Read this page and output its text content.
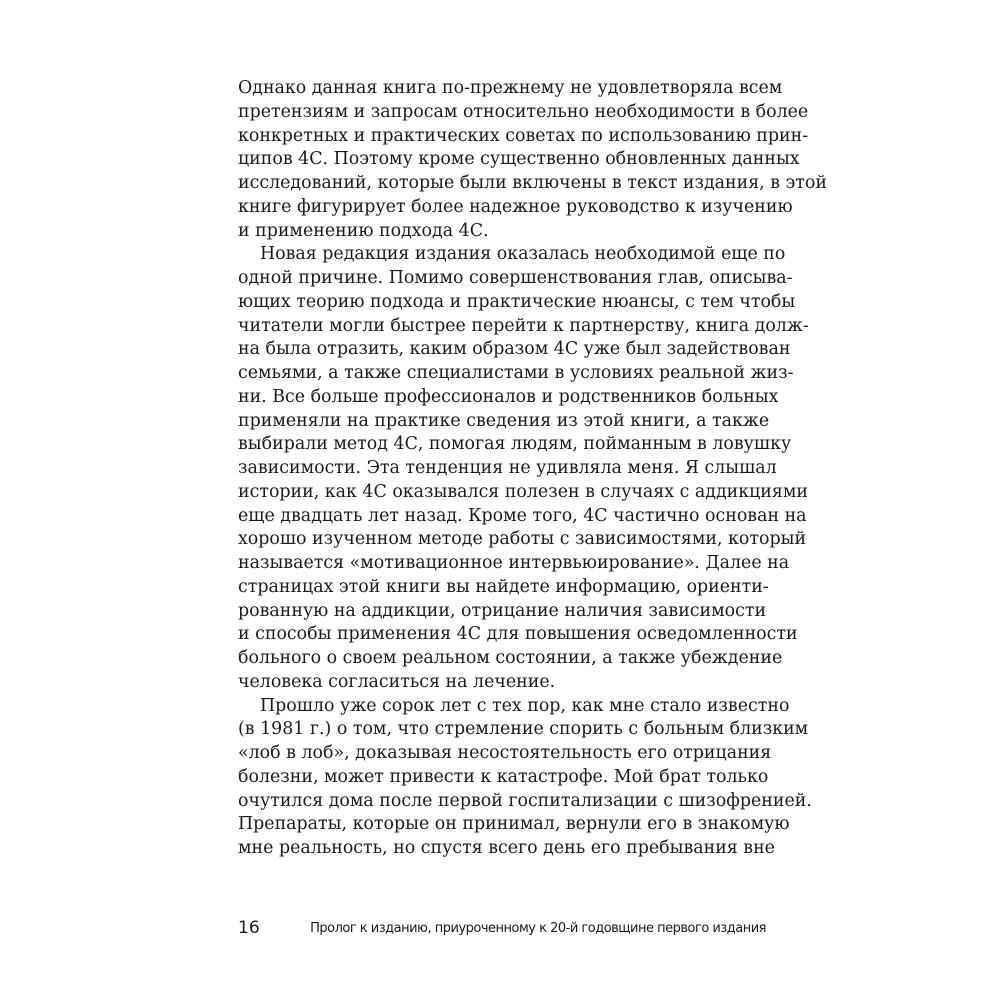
Однако данная книга по-прежнему не удовлетворяла всем
претензиям и запросам относительно необходимости в более
конкретных и практических советах по использованию прин-
ципов 4С. Поэтому кроме существенно обновленных данных
исследований, которые были включены в текст издания, в этой
книге фигурирует более надежное руководство к изучению
и применению подхода 4С.
Новая редакция издания оказалась необходимой еще по
одной причине. Помимо совершенствования глав, описыва-
ющих теорию подхода и практические нюансы, с тем чтобы
читатели могли быстрее перейти к партнерству, книга долж-
на была отразить, каким образом 4С уже был задействован
семьями, а также специалистами в условиях реальной жиз-
ни. Все больше профессионалов и родственников больных
применяли на практике сведения из этой книги, а также
выбирали метод 4С, помогая людям, пойманным в ловушку
зависимости. Эта тенденция не удивляла меня. Я слышал
истории, как 4С оказывался полезен в случаях с аддикциями
еще двадцать лет назад. Кроме того, 4С частично основан на
хорошо изученном методе работы с зависимостями, который
называется «мотивационное интервьюирование». Далее на
страницах этой книги вы найдете информацию, ориенти-
рованную на аддикции, отрицание наличия зависимости
и способы применения 4С для повышения осведомленности
больного о своем реальном состоянии, а также убеждение
человека согласиться на лечение.
Прошло уже сорок лет с тех пор, как мне стало известно
(в 1981 г.) о том, что стремление спорить с больным близким
«лоб в лоб», доказывая несостоятельность его отрицания
болезни, может привести к катастрофе. Мой брат только
очутился дома после первой госпитализации с шизофренией.
Препараты, которые он принимал, вернули его в знакомую
мне реальность, но спустя всего день его пребывания вне
16	Пролог к изданию, приуроченному к 20-й годовщине первого издания
